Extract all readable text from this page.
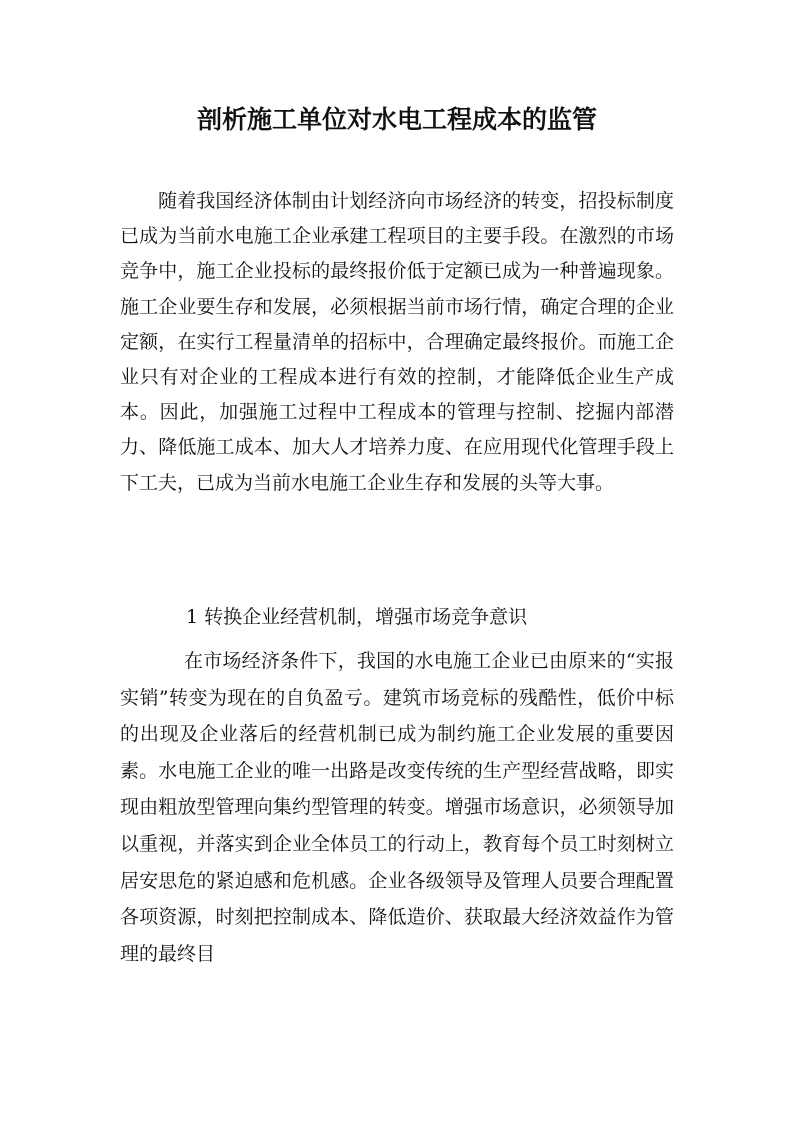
剖析施工单位对水电工程成本的监管

随着我国经济体制由计划经济向市场经济的转变，招投标制度已成为当前水电施工企业承建工程项目的主要手段。在激烈的市场竞争中，施工企业投标的最终报价低于定额已成为一种普遍现象。施工企业要生存和发展，必须根据当前市场行情，确定合理的企业定额，在实行工程量清单的招标中，合理确定最终报价。而施工企业只有对企业的工程成本进行有效的控制，才能降低企业生产成本。因此，加强施工过程中工程成本的管理与控制、挖掘内部潜力、降低施工成本、加大人才培养力度、在应用现代化管理手段上下工夫，已成为当前水电施工企业生存和发展的头等大事。

1 转换企业经营机制，增强市场竞争意识

在市场经济条件下，我国的水电施工企业已由原来的“实报实销”转变为现在的自负盈亏。建筑市场竞标的残酷性，低价中标的出现及企业落后的经营机制已成为制约施工企业发展的重要因素。水电施工企业的唯一出路是改变传统的生产型经营战略，即实现由粗放型管理向集约型管理的转变。增强市场意识，必须领导加以重视，并落实到企业全体员工的行动上，教育每个员工时刻树立居安思危的紧迫感和危机感。企业各级领导及管理人员要合理配置各项资源，时刻把控制成本、降低造价、获取最大经济效益作为管理的最终目
